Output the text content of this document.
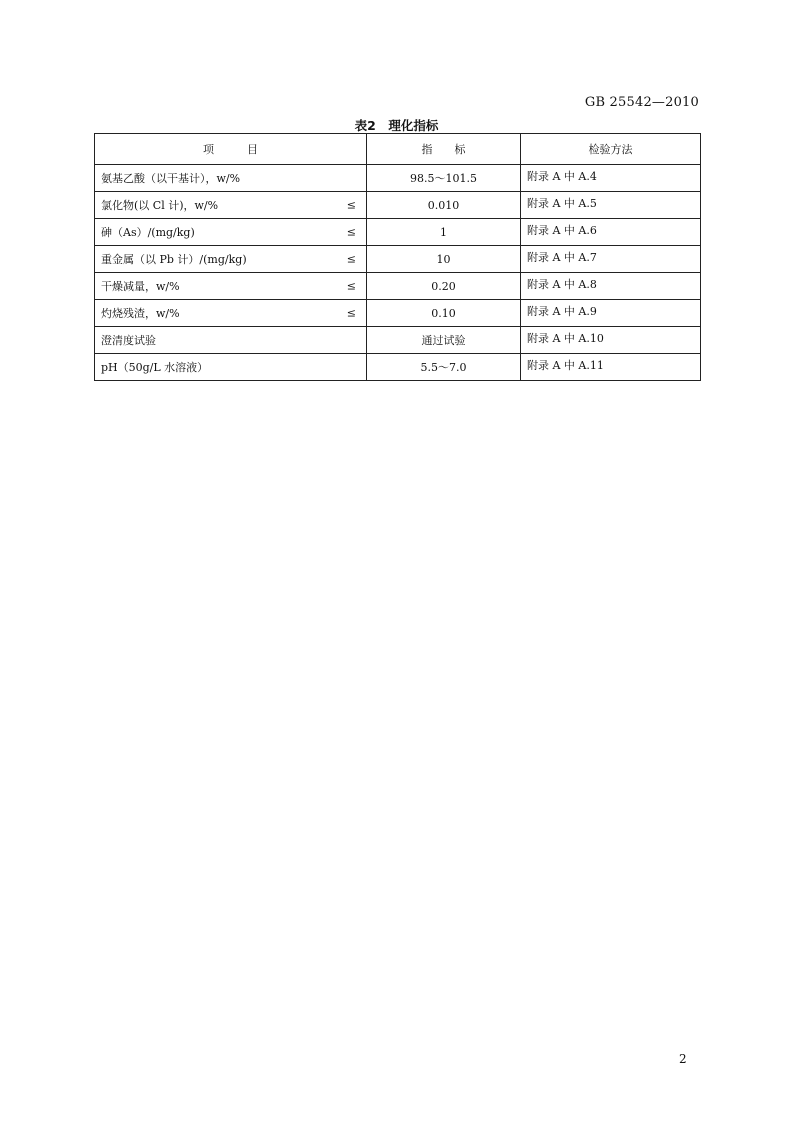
GB 25542—2010
表2　理化指标
项　　　目	指　　标	检验方法
氨基乙酸（以干基计），w/%	98.5～101.5	附录 A 中 A.4
氯化物(以 Cl 计)，w/% ≤	0.010	附录 A 中 A.5
砷（As）/(mg/kg) ≤	1	附录 A 中 A.6
重金属（以 Pb 计）/(mg/kg) ≤	10	附录 A 中 A.7
干燥减量，w/% ≤	0.20	附录 A 中 A.8
灼烧残渣，w/% ≤	0.10	附录 A 中 A.9
澄清度试验	通过试验	附录 A 中 A.10
pH（50g/L 水溶液）	5.5～7.0	附录 A 中 A.11
2
